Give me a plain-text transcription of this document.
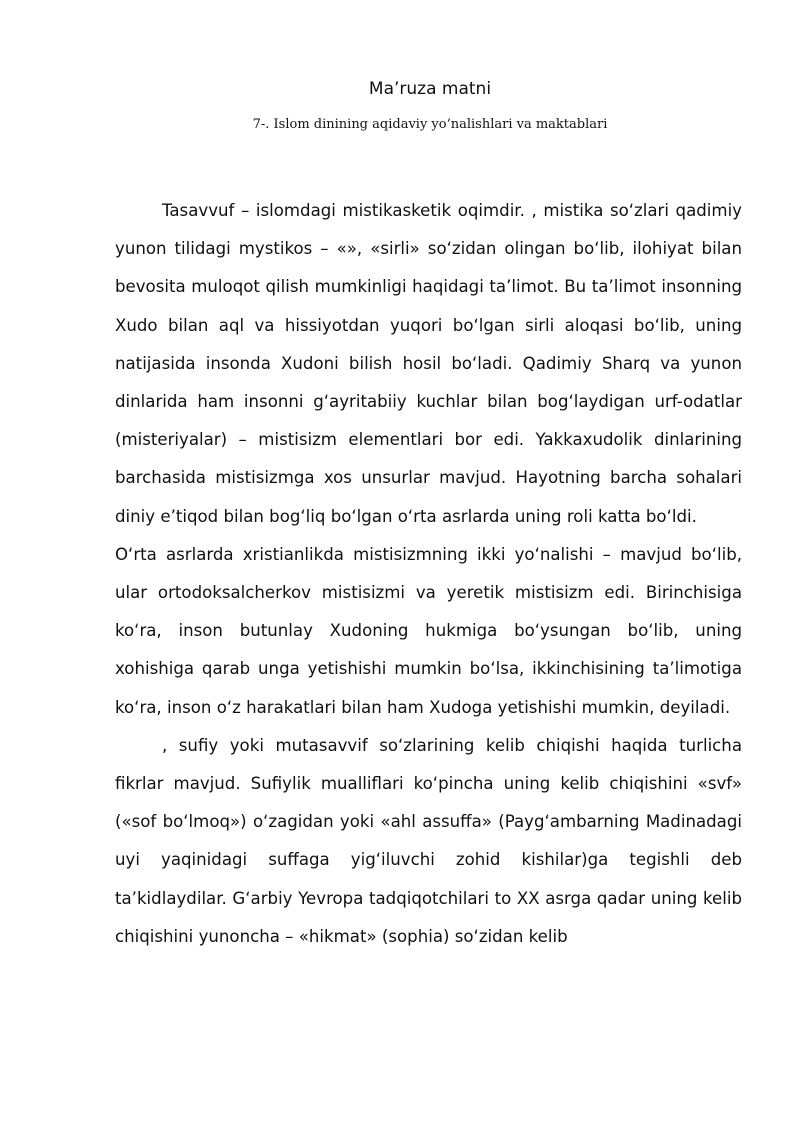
Ma’ruza matni
7-. Islom dinining aqidaviy yo‘nalishlari va maktablari

Tasavvuf – islomdagi mistikasketik oqimdir. , mistika so‘zlari qadimiy yunon tilidagi mystikos – «», «sirli» so‘zidan olingan bo‘lib, ilohiyat bilan bevosita muloqot qilish mumkinligi haqidagi ta’limot. Bu ta’limot insonning Xudo bilan aql va hissiyotdan yuqori bo‘lgan sirli aloqasi bo‘lib, uning natijasida insonda Xudoni bilish hosil bo‘ladi. Qadimiy Sharq va yunon dinlarida ham insonni g‘ayritabiiy kuchlar bilan bog‘laydigan urf-odatlar (misteriyalar) – mistisizm elementlari bor edi. Yakkaxudolik dinlarining barchasida mistisizmga xos unsurlar mavjud. Hayotning barcha sohalari diniy e’tiqod bilan bog‘liq bo‘lgan o‘rta asrlarda uning roli katta bo‘ldi.

O‘rta asrlarda xristianlikda mistisizmning ikki yo‘nalishi – mavjud bo‘lib, ular ortodoksalcherkov mistisizmi va yeretik mistisizm edi. Birinchisiga ko‘ra, inson butunlay Xudoning hukmiga bo‘ysungan bo‘lib, uning xohishiga qarab unga yetishishi mumkin bo‘lsa, ikkinchisining ta’limotiga ko‘ra, inson o‘z harakatlari bilan ham Xudoga yetishishi mumkin, deyiladi.

, sufiy yoki mutasavvif so‘zlarining kelib chiqishi haqida turlicha fikrlar mavjud. Sufiylik mualliflari ko‘pincha uning kelib chiqishini «svf» («sof bo‘lmoq») o‘zagidan yoki «ahl assuffa» (Payg‘ambarning Madinadagi uyi yaqinidagi suffaga yig‘iluvchi zohid kishilar)ga tegishli deb ta’kidlaydilar. G‘arbiy Yevropa tadqiqotchilari to XX asrga qadar uning kelib chiqishini yunoncha – «hikmat» (sophia) so‘zidan kelib
